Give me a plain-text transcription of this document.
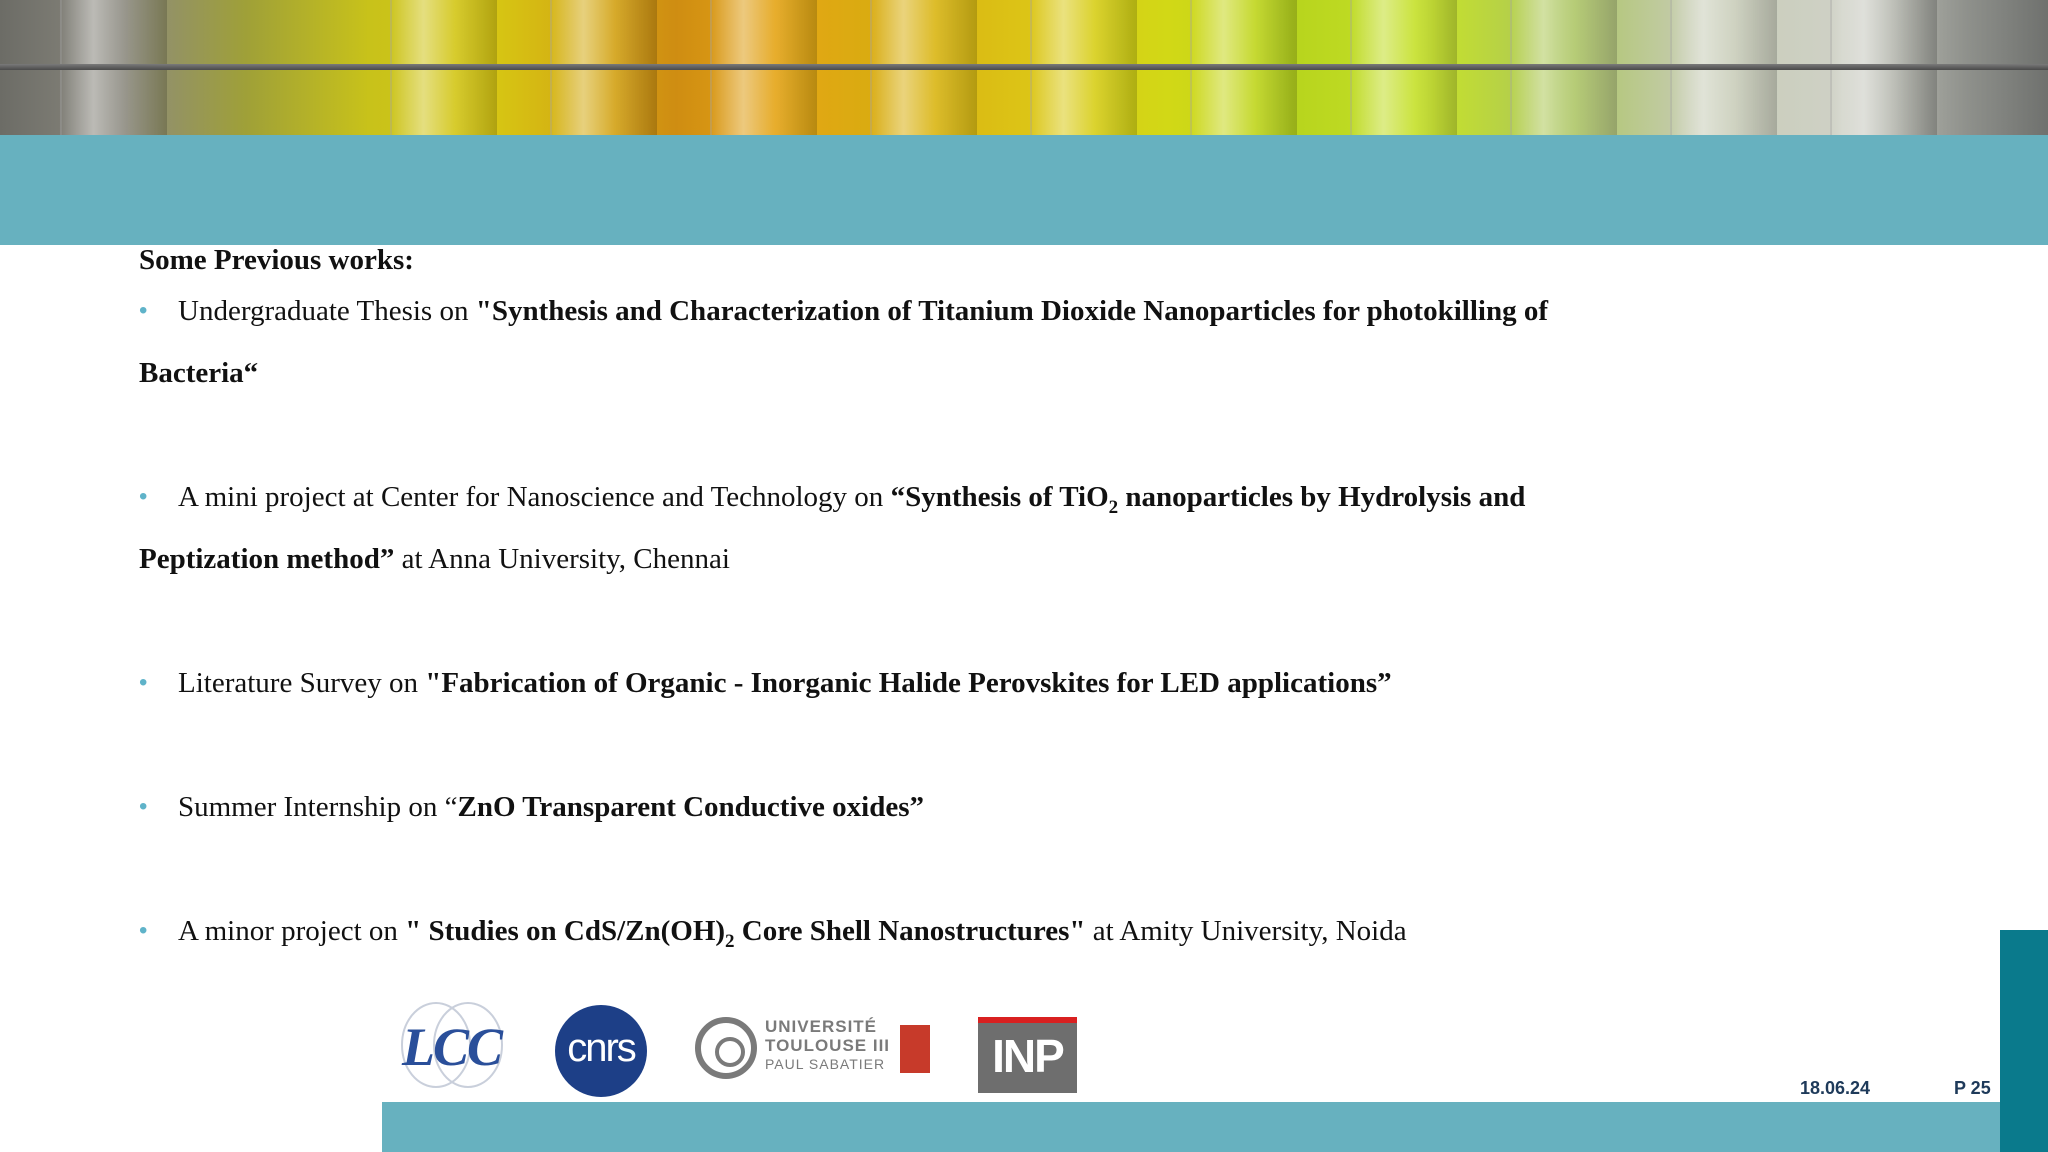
Some Previous works:

•	Undergraduate Thesis on "Synthesis and Characterization of Titanium Dioxide Nanoparticles for photokilling of
Bacteria“
•	A mini project at Center for Nanoscience and Technology on “Synthesis of TiO$_2$ nanoparticles by Hydrolysis and
Peptization method” at Anna University, Chennai
•	Literature Survey on "Fabrication of Organic - Inorganic Halide Perovskites for LED applications”
•	Summer Internship on “ZnO Transparent Conductive oxides”
•	A minor project on " Studies on CdS/$Zn(OH)_2$ Core Shell Nanostructures" at Amity University, Noida
LCC	cnrs	UNIVERSITÉ
TOULOUSE III
PAUL SABATIER	INP
18.06.24	P 25
